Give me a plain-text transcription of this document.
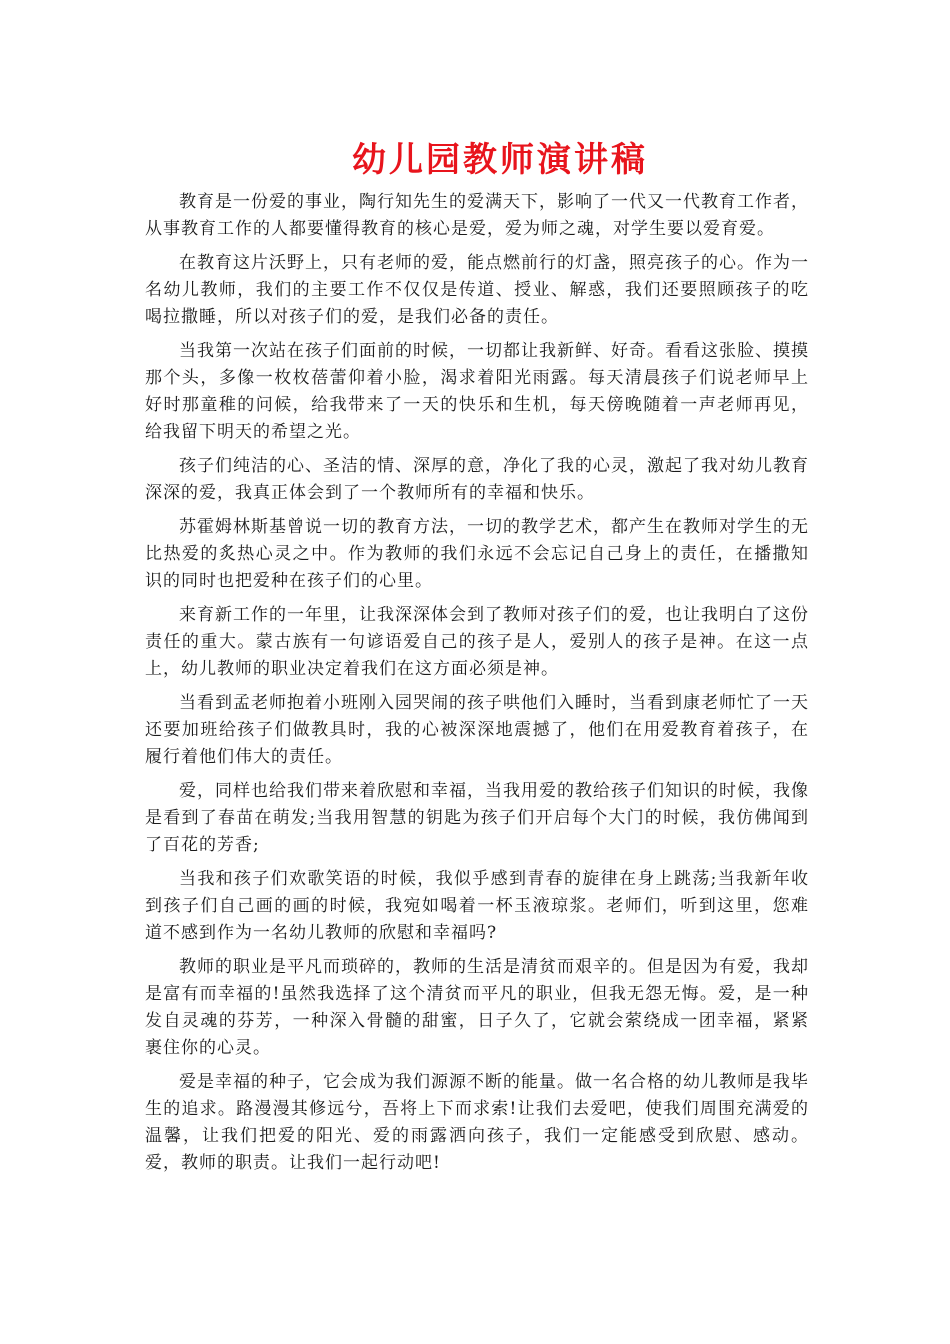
幼儿园教师演讲稿

教育是一份爱的事业，陶行知先生的爱满天下，影响了一代又一代教育工作者，从事教育工作的人都要懂得教育的核心是爱，爱为师之魂，对学生要以爱育爱。

在教育这片沃野上，只有老师的爱，能点燃前行的灯盏，照亮孩子的心。作为一名幼儿教师，我们的主要工作不仅仅是传道、授业、解惑，我们还要照顾孩子的吃喝拉撒睡，所以对孩子们的爱，是我们必备的责任。

当我第一次站在孩子们面前的时候，一切都让我新鲜、好奇。看看这张脸、摸摸那个头，多像一枚枚蓓蕾仰着小脸，渴求着阳光雨露。每天清晨孩子们说老师早上好时那童稚的问候，给我带来了一天的快乐和生机，每天傍晚随着一声老师再见，给我留下明天的希望之光。

孩子们纯洁的心、圣洁的情、深厚的意，净化了我的心灵，激起了我对幼儿教育深深的爱，我真正体会到了一个教师所有的幸福和快乐。

苏霍姆林斯基曾说一切的教育方法，一切的教学艺术，都产生在教师对学生的无比热爱的炙热心灵之中。作为教师的我们永远不会忘记自己身上的责任，在播撒知识的同时也把爱种在孩子们的心里。

来育新工作的一年里，让我深深体会到了教师对孩子们的爱，也让我明白了这份责任的重大。蒙古族有一句谚语爱自己的孩子是人，爱别人的孩子是神。在这一点上，幼儿教师的职业决定着我们在这方面必须是神。

当看到孟老师抱着小班刚入园哭闹的孩子哄他们入睡时，当看到康老师忙了一天还要加班给孩子们做教具时，我的心被深深地震撼了，他们在用爱教育着孩子，在履行着他们伟大的责任。

爱，同样也给我们带来着欣慰和幸福，当我用爱的教给孩子们知识的时候，我像是看到了春苗在萌发;当我用智慧的钥匙为孩子们开启每个大门的时候，我仿佛闻到了百花的芳香;

当我和孩子们欢歌笑语的时候，我似乎感到青春的旋律在身上跳荡;当我新年收到孩子们自己画的画的时候，我宛如喝着一杯玉液琼浆。老师们，听到这里，您难道不感到作为一名幼儿教师的欣慰和幸福吗?

教师的职业是平凡而琐碎的，教师的生活是清贫而艰辛的。但是因为有爱，我却是富有而幸福的!虽然我选择了这个清贫而平凡的职业，但我无怨无悔。爱，是一种发自灵魂的芬芳，一种深入骨髓的甜蜜，日子久了，它就会萦绕成一团幸福，紧紧裹住你的心灵。

爱是幸福的种子，它会成为我们源源不断的能量。做一名合格的幼儿教师是我毕生的追求。路漫漫其修远兮，吾将上下而求索!让我们去爱吧，使我们周围充满爱的温馨，让我们把爱的阳光、爱的雨露洒向孩子，我们一定能感受到欣慰、感动。爱，教师的职责。让我们一起行动吧!
